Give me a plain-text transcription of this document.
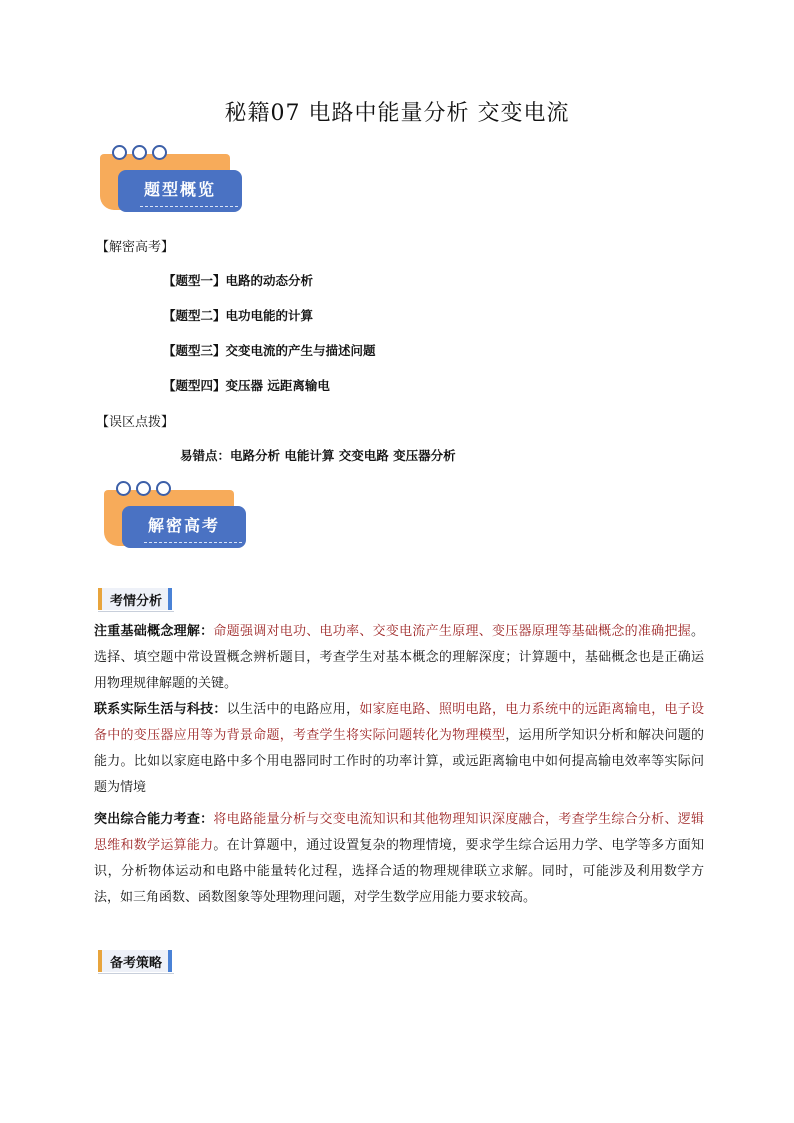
秘籍07 电路中能量分析 交变电流
题型概览
【解密高考】
【题型一】电路的动态分析
【题型二】电功电能的计算
【题型三】交变电流的产生与描述问题
【题型四】变压器 远距离输电
【误区点拨】
易错点：电路分析 电能计算 交变电路 变压器分析
解密高考
考情分析
注重基础概念理解：命题强调对电功、电功率、交变电流产生原理、变压器原理等基础概念的准确把握。选择、填空题中常设置概念辨析题目，考查学生对基本概念的理解深度；计算题中，基础概念也是正确运用物理规律解题的关键。
联系实际生活与科技：以生活中的电路应用，如家庭电路、照明电路，电力系统中的远距离输电，电子设备中的变压器应用等为背景命题，考查学生将实际问题转化为物理模型，运用所学知识分析和解决问题的能力。比如以家庭电路中多个用电器同时工作时的功率计算，或远距离输电中如何提高输电效率等实际问题为情境
突出综合能力考查：将电路能量分析与交变电流知识和其他物理知识深度融合，考查学生综合分析、逻辑思维和数学运算能力。在计算题中，通过设置复杂的物理情境，要求学生综合运用力学、电学等多方面知识，分析物体运动和电路中能量转化过程，选择合适的物理规律联立求解。同时，可能涉及利用数学方法，如三角函数、函数图象等处理物理问题，对学生数学应用能力要求较高。
备考策略
